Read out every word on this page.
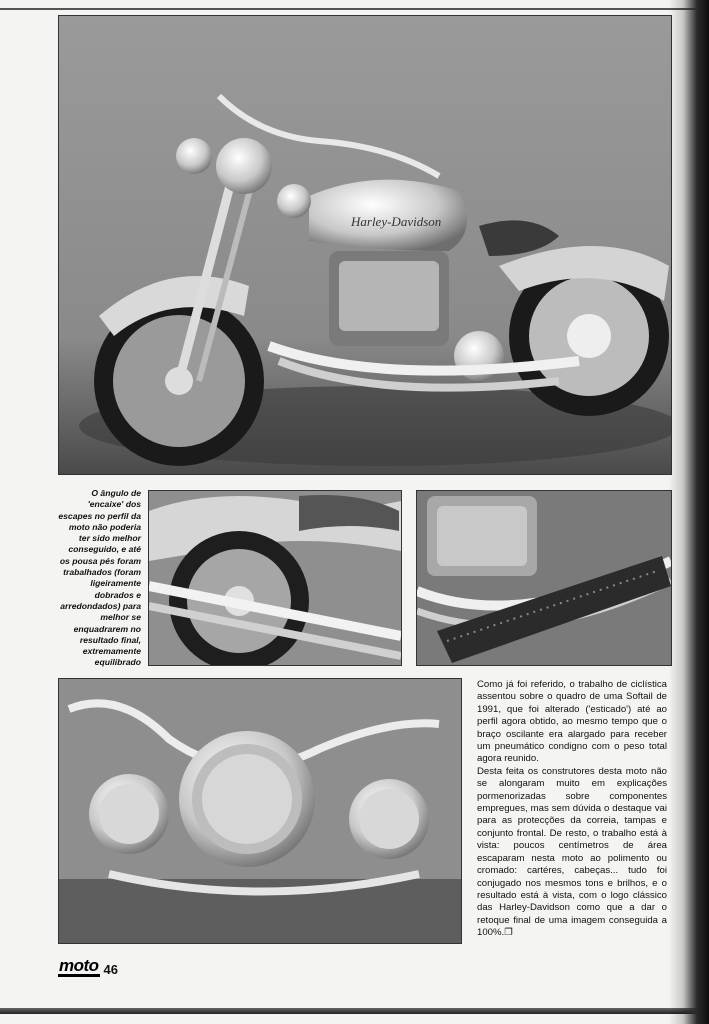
Harley-Davidson
O ângulo de 'encaixe' dos escapes no perfil da moto não poderia ter sido melhor conseguido, e até os pousa pés foram trabalhados (foram ligeiramente dobrados e arredondados) para melhor se enquadrarem no resultado final, extremamente equilibrado

Como já foi referido, o trabalho de ciclística assentou sobre o quadro de uma Softail de 1991, que foi alterado ('esticado') até ao perfil agora obtido, ao mesmo tempo que o braço oscilante era alargado para receber um pneumático condigno com o peso total agora reunido.

Desta feita os construtores desta moto não se alongaram muito em explicações pormenorizadas sobre componentes empregues, mas sem dúvida o destaque vai para as protecções da correia, tampas e conjunto frontal. De resto, o trabalho está à vista: poucos centímetros de área escaparam nesta moto ao polimento ou cromado: cartéres, cabeças... tudo foi conjugado nos mesmos tons e brilhos, e o resultado está à vista, com o logo clássico das Harley-Davidson como que a dar o retoque final de uma imagem conseguida a 100%.❐

moto 46
